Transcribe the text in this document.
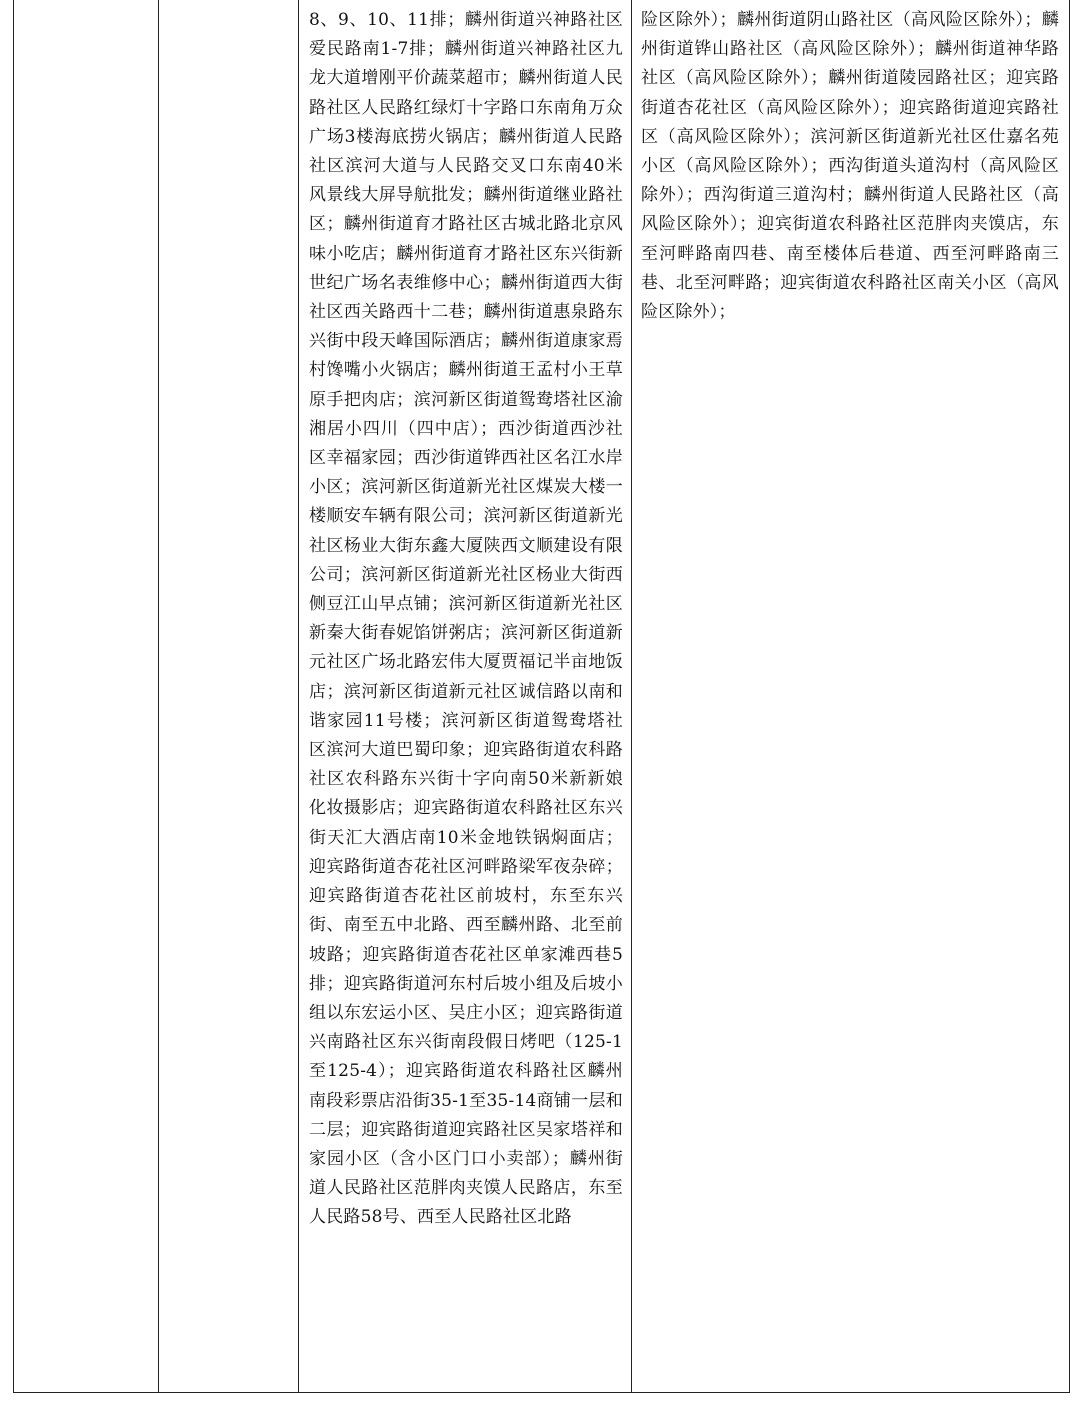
8、9、10、11排；麟州街道兴神路社区爱民路南1-7排；麟州街道兴神路社区九龙大道增刚平价蔬菜超市；麟州街道人民路社区人民路红绿灯十字路口东南角万众广场3楼海底捞火锅店；麟州街道人民路社区滨河大道与人民路交叉口东南40米风景线大屏导航批发；麟州街道继业路社区；麟州街道育才路社区古城北路北京风味小吃店；麟州街道育才路社区东兴街新世纪广场名表维修中心；麟州街道西大街社区西关路西十二巷；麟州街道惠泉路东兴街中段天峰国际酒店；麟州街道康家焉村馋嘴小火锅店；麟州街道王孟村小王草原手把肉店；滨河新区街道鸳鸯塔社区渝湘居小四川（四中店）；西沙街道西沙社区幸福家园；西沙街道铧西社区名江水岸小区；滨河新区街道新光社区煤炭大楼一楼顺安车辆有限公司；滨河新区街道新光社区杨业大街东鑫大厦陕西文顺建设有限公司；滨河新区街道新光社区杨业大街西侧豆江山早点铺；滨河新区街道新光社区新秦大街春妮馅饼粥店；滨河新区街道新元社区广场北路宏伟大厦贾福记半亩地饭店；滨河新区街道新元社区诚信路以南和谐家园11号楼；滨河新区街道鸳鸯塔社区滨河大道巴蜀印象；迎宾路街道农科路社区农科路东兴街十字向南50米新新娘化妆摄影店；迎宾路街道农科路社区东兴街天汇大酒店南10米金地铁锅焖面店；迎宾路街道杏花社区河畔路梁军夜杂碎；迎宾路街道杏花社区前坡村，东至东兴街、南至五中北路、西至麟州路、北至前坡路；迎宾路街道杏花社区单家滩西巷5排；迎宾路街道河东村后坡小组及后坡小组以东宏运小区、吴庄小区；迎宾路街道兴南路社区东兴街南段假日烤吧（125-1至125-4）；迎宾路街道农科路社区麟州南段彩票店沿街35-1至35-14商铺一层和二层；迎宾路街道迎宾路社区吴家塔祥和家园小区（含小区门口小卖部）；麟州街道人民路社区范胖肉夹馍人民路店，东至人民路58号、西至人民路社区北路

险区除外）；麟州街道阴山路社区（高风险区除外）；麟州街道铧山路社区（高风险区除外）；麟州街道神华路社区（高风险区除外）；麟州街道陵园路社区；迎宾路街道杏花社区（高风险区除外）；迎宾路街道迎宾路社区（高风险区除外）；滨河新区街道新光社区仕嘉名苑小区（高风险区除外）；西沟街道头道沟村（高风险区除外）；西沟街道三道沟村；麟州街道人民路社区（高风险区除外）；迎宾街道农科路社区范胖肉夹馍店，东至河畔路南四巷、南至楼体后巷道、西至河畔路南三巷、北至河畔路；迎宾街道农科路社区南关小区（高风险区除外）；
